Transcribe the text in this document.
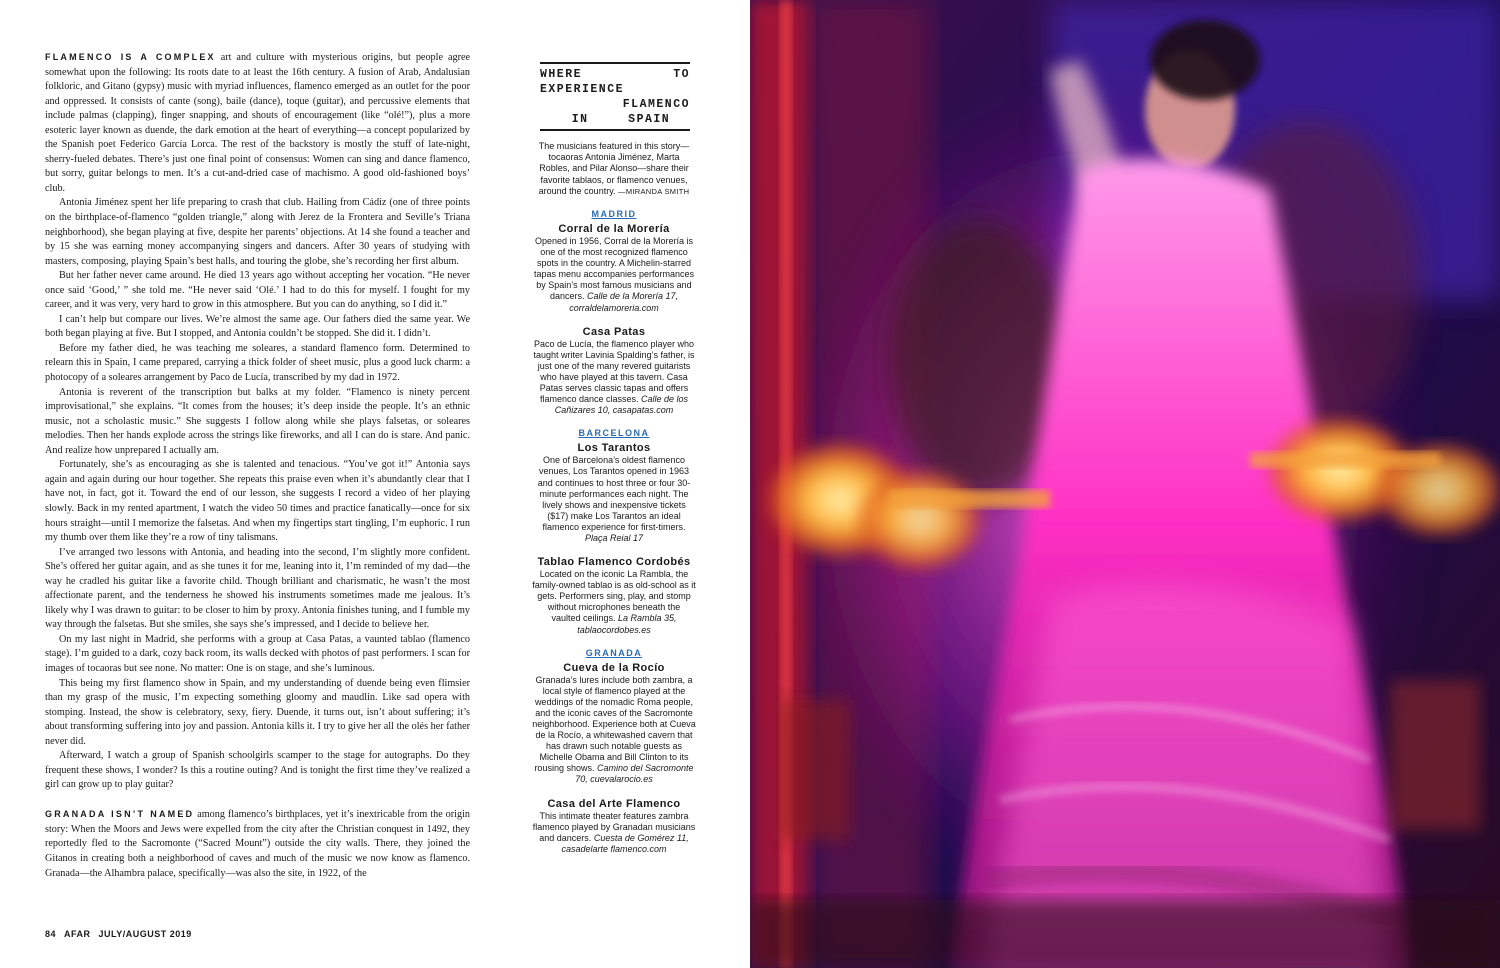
FLAMENCO IS A COMPLEX art and culture with mysterious origins, but people agree somewhat upon the following: Its roots date to at least the 16th century. A fusion of Arab, Andalusian folkloric, and Gitano (gypsy) music with myriad influences, flamenco emerged as an outlet for the poor and oppressed. It consists of cante (song), baile (dance), toque (guitar), and percussive elements that include palmas (clapping), finger snapping, and shouts of encouragement (like “olé!”), plus a more esoteric layer known as duende, the dark emotion at the heart of everything—a concept popularized by the Spanish poet Federico García Lorca. The rest of the backstory is mostly the stuff of late-night, sherry-fueled debates. There’s just one final point of consensus: Women can sing and dance flamenco, but sorry, guitar belongs to men. It’s a cut-and-dried case of machismo. A good old-fashioned boys’ club.

Antonia Jiménez spent her life preparing to crash that club. Hailing from Cádiz (one of three points on the birthplace-of-flamenco “golden triangle,” along with Jerez de la Frontera and Seville’s Triana neighborhood), she began playing at five, despite her parents’ objections. At 14 she found a teacher and by 15 she was earning money accompanying singers and dancers. After 30 years of studying with masters, composing, playing Spain’s best halls, and touring the globe, she’s recording her first album.

But her father never came around. He died 13 years ago without accepting her vocation. “He never once said ‘Good,’ ” she told me. “He never said ‘Olé.’ I had to do this for myself. I fought for my career, and it was very, very hard to grow in this atmosphere. But you can do anything, so I did it.”

I can’t help but compare our lives. We’re almost the same age. Our fathers died the same year. We both began playing at five. But I stopped, and Antonia couldn’t be stopped. She did it. I didn’t.

Before my father died, he was teaching me soleares, a standard flamenco form. Determined to relearn this in Spain, I came prepared, carrying a thick folder of sheet music, plus a good luck charm: a photocopy of a soleares arrangement by Paco de Lucía, transcribed by my dad in 1972.

Antonia is reverent of the transcription but balks at my folder. “Flamenco is ninety percent improvisational,” she explains. “It comes from the houses; it’s deep inside the people. It’s an ethnic music, not a scholastic music.” She suggests I follow along while she plays falsetas, or soleares melodies. Then her hands explode across the strings like fireworks, and all I can do is stare. And panic. And realize how unprepared I actually am.

Fortunately, she’s as encouraging as she is talented and tenacious. “You’ve got it!” Antonia says again and again during our hour together. She repeats this praise even when it’s abundantly clear that I have not, in fact, got it. Toward the end of our lesson, she suggests I record a video of her playing slowly. Back in my rented apartment, I watch the video 50 times and practice fanatically—once for six hours straight—until I memorize the falsetas. And when my fingertips start tingling, I’m euphoric. I run my thumb over them like they’re a row of tiny talismans.

I’ve arranged two lessons with Antonia, and heading into the second, I’m slightly more confident. She’s offered her guitar again, and as she tunes it for me, leaning into it, I’m reminded of my dad—the way he cradled his guitar like a favorite child. Though brilliant and charismatic, he wasn’t the most affectionate parent, and the tenderness he showed his instruments sometimes made me jealous. It’s likely why I was drawn to guitar: to be closer to him by proxy. Antonia finishes tuning, and I fumble my way through the falsetas. But she smiles, she says she’s impressed, and I decide to believe her.

On my last night in Madrid, she performs with a group at Casa Patas, a vaunted tablao (flamenco stage). I’m guided to a dark, cozy back room, its walls decked with photos of past performers. I scan for images of tocaoras but see none. No matter: One is on stage, and she’s luminous.

This being my first flamenco show in Spain, and my understanding of duende being even flimsier than my grasp of the music, I’m expecting something gloomy and maudlin. Like sad opera with stomping. Instead, the show is celebratory, sexy, fiery. Duende, it turns out, isn’t about suffering; it’s about transforming suffering into joy and passion. Antonia kills it. I try to give her all the olés her father never did.

Afterward, I watch a group of Spanish schoolgirls scamper to the stage for autographs. Do they frequent these shows, I wonder? Is this a routine outing? And is tonight the first time they’ve realized a girl can grow up to play guitar?

GRANADA ISN’T NAMED among flamenco’s birthplaces, yet it’s inextricable from the origin story: When the Moors and Jews were expelled from the city after the Christian conquest in 1492, they reportedly fled to the Sacromonte (“Sacred Mount”) outside the city walls. There, they joined the Gitanos in creating both a neighborhood of caves and much of the music we now know as flamenco. Granada—the Alhambra palace, specifically—was also the site, in 1922, of the

84 AFAR JULY/AUGUST 2019
WHERE	TO
EXPERIENCE
FLAMENCO
IN	SPAIN

The musicians featured in this story—tocaoras Antonia Jiménez, Marta Robles, and Pilar Alonso—share their favorite tablaos, or flamenco venues, around the country. —MIRANDA SMITH

MADRID

Corral de la Morería

Opened in 1956, Corral de la Morería is one of the most recognized flamenco spots in the country. A Michelin-starred tapas menu accompanies performances by Spain’s most famous musicians and dancers. Calle de la Morería 17, corraldelamoreria.com

Casa Patas

Paco de Lucía, the flamenco player who taught writer Lavinia Spalding’s father, is just one of the many revered guitarists who have played at this tavern. Casa Patas serves classic tapas and offers flamenco dance classes. Calle de los Cañizares 10, casapatas.com

BARCELONA

Los Tarantos

One of Barcelona’s oldest flamenco venues, Los Tarantos opened in 1963 and continues to host three or four 30-minute performances each night. The lively shows and inexpensive tickets ($17) make Los Tarantos an ideal flamenco experience for first-timers. Plaça Reial 17

Tablao Flamenco Cordobés

Located on the iconic La Rambla, the family-owned tablao is as old-school as it gets. Performers sing, play, and stomp without microphones beneath the vaulted ceilings. La Rambla 35, tablaocordobes.es

GRANADA

Cueva de la Rocío

Granada’s lures include both zambra, a local style of flamenco played at the weddings of the nomadic Roma people, and the iconic caves of the Sacromonte neighborhood. Experience both at Cueva de la Rocío, a whitewashed cavern that has drawn such notable guests as Michelle Obama and Bill Clinton to its rousing shows. Camino del Sacromonte 70, cuevalarocio.es

Casa del Arte Flamenco

This intimate theater features zambra flamenco played by Granadan musicians and dancers. Cuesta de Gomérez 11, casadelarte flamenco.com
